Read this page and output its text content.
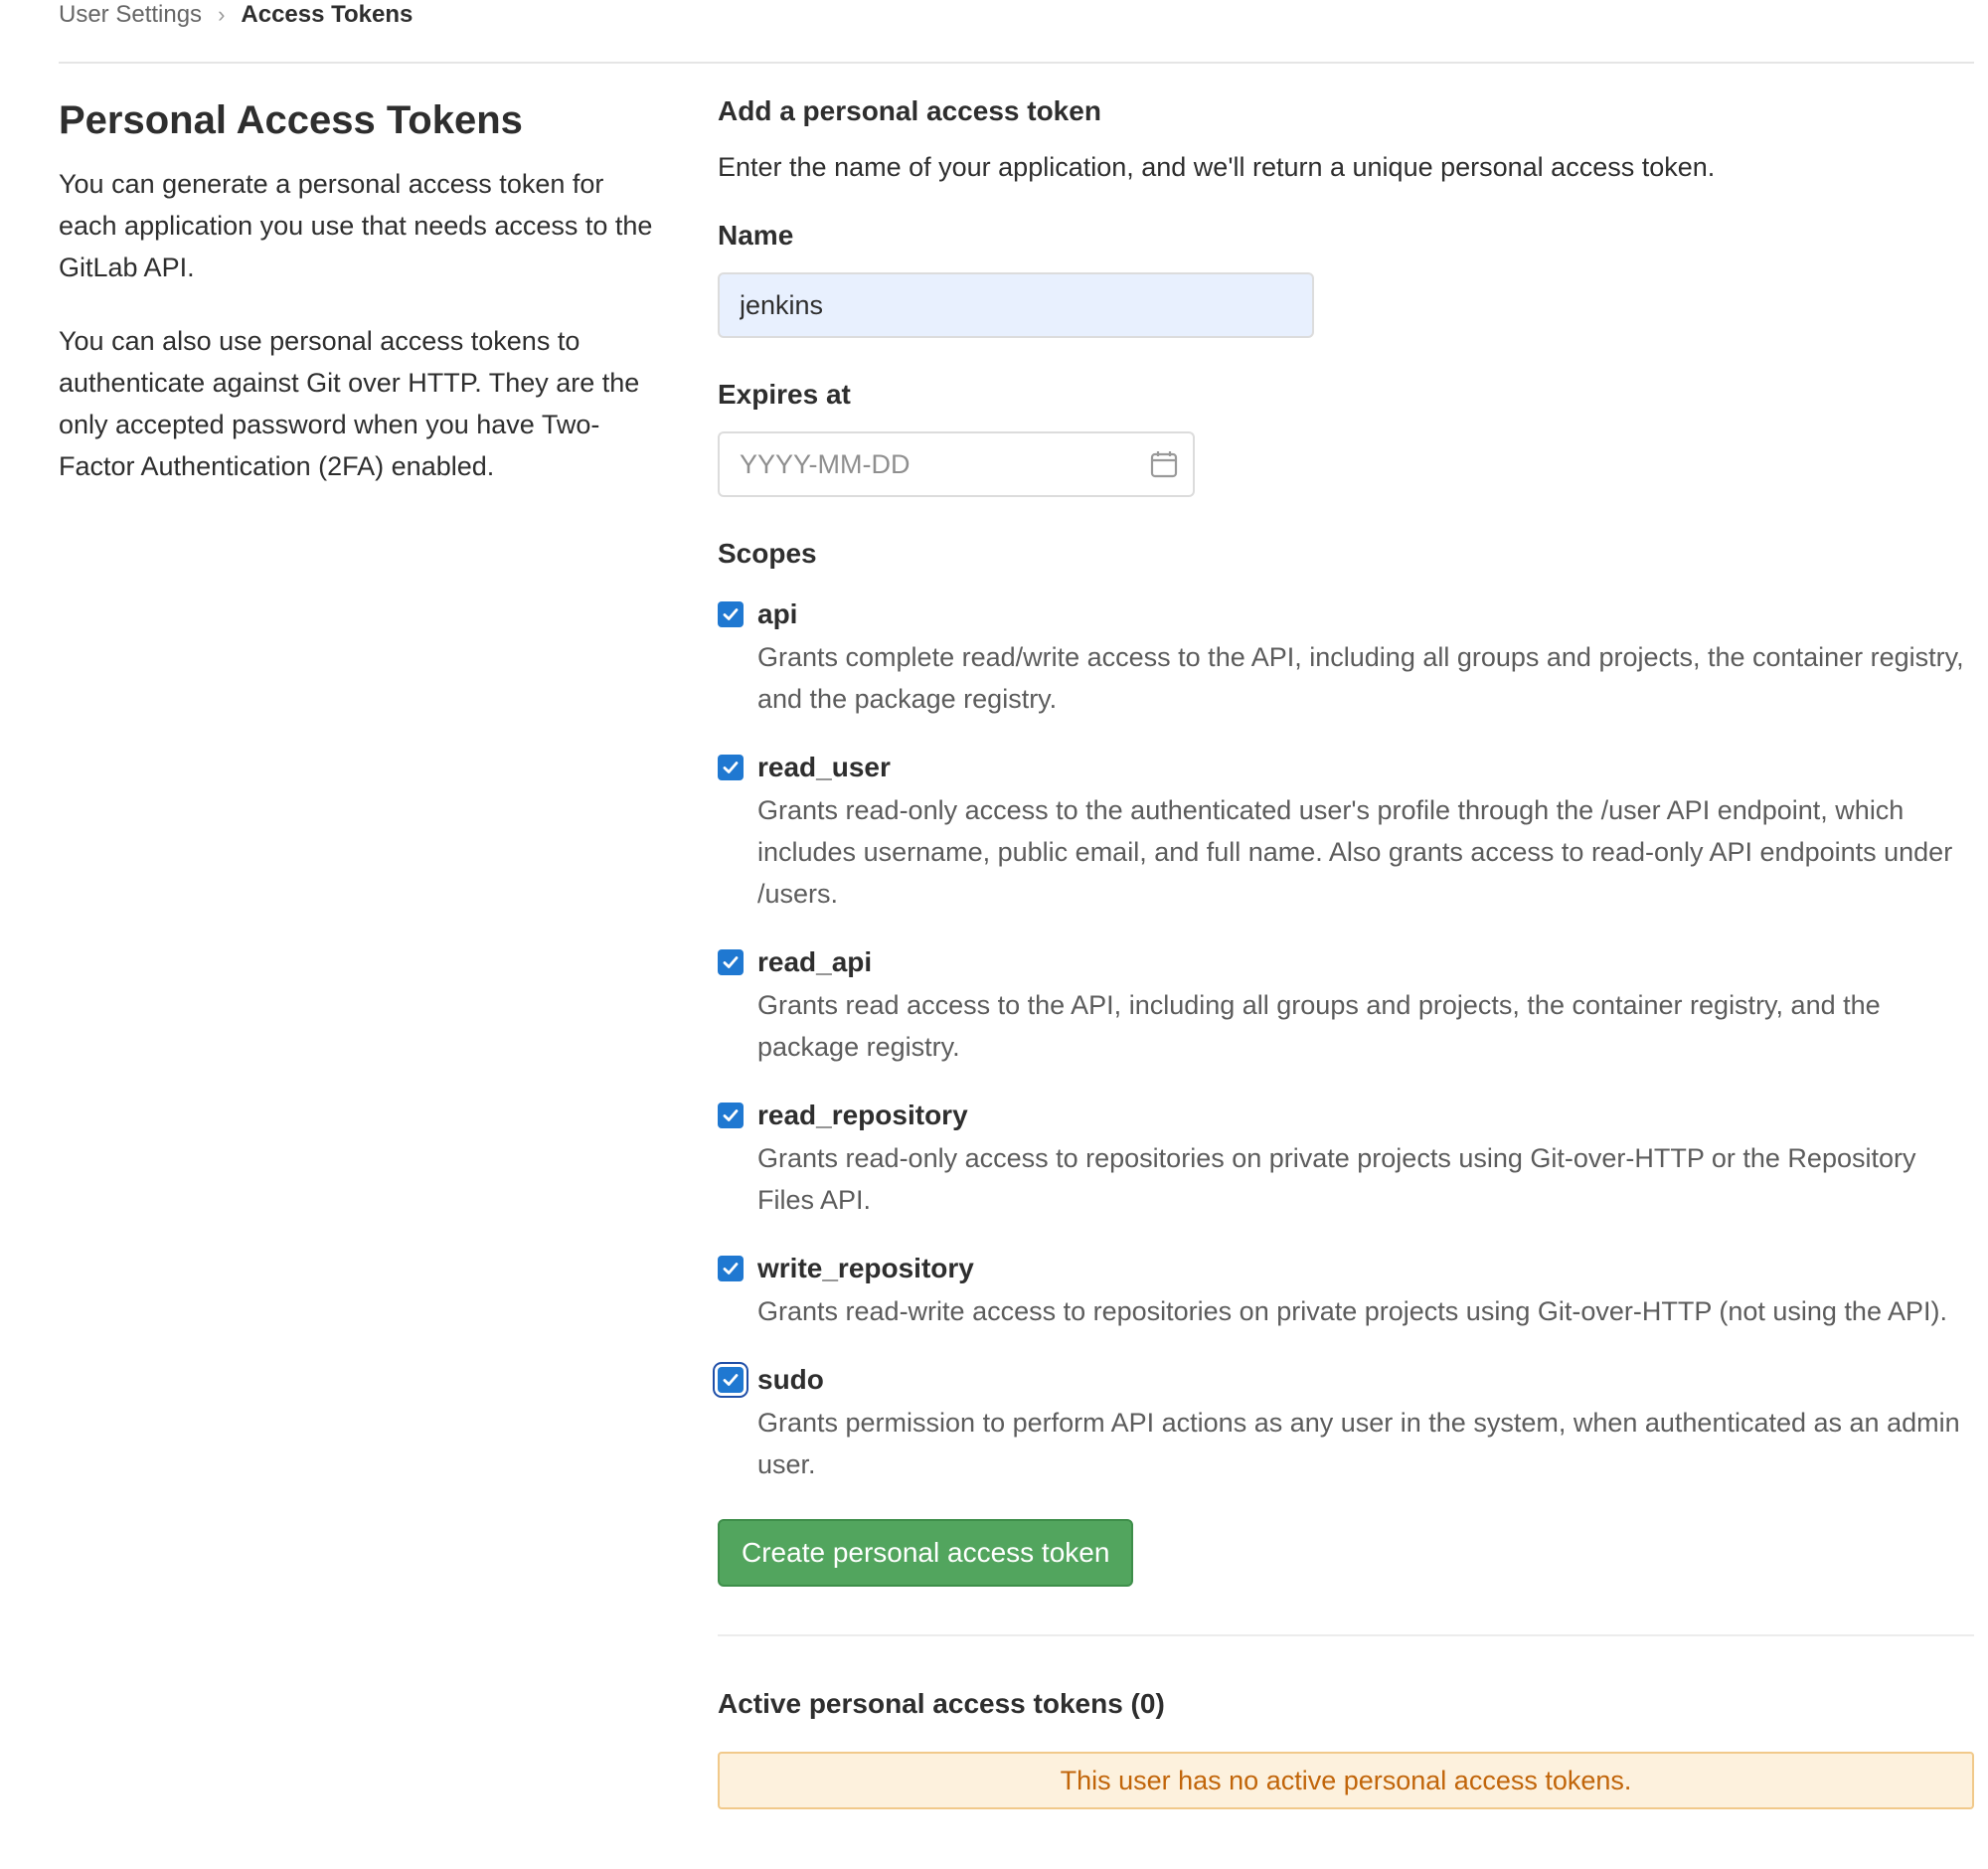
User Settings › Access Tokens
Personal Access Tokens

You can generate a personal access token for each application you use that needs access to the GitLab API.

You can also use personal access tokens to authenticate against Git over HTTP. They are the only accepted password when you have Two-Factor Authentication (2FA) enabled.

Add a personal access token

Enter the name of your application, and we'll return a unique personal access token.

Name
jenkins
Expires at
YYYY-MM-DD
Scopes
api
Grants complete read/write access to the API, including all groups and projects, the container registry, and the package registry.
read_user
Grants read-only access to the authenticated user's profile through the /user API endpoint, which includes username, public email, and full name. Also grants access to read-only API endpoints under /users.
read_api
Grants read access to the API, including all groups and projects, the container registry, and the package registry.
read_repository
Grants read-only access to repositories on private projects using Git-over-HTTP or the Repository Files API.
write_repository
Grants read-write access to repositories on private projects using Git-over-HTTP (not using the API).
sudo
Grants permission to perform API actions as any user in the system, when authenticated as an admin user.
Create personal access token
Active personal access tokens (0)
This user has no active personal access tokens.
